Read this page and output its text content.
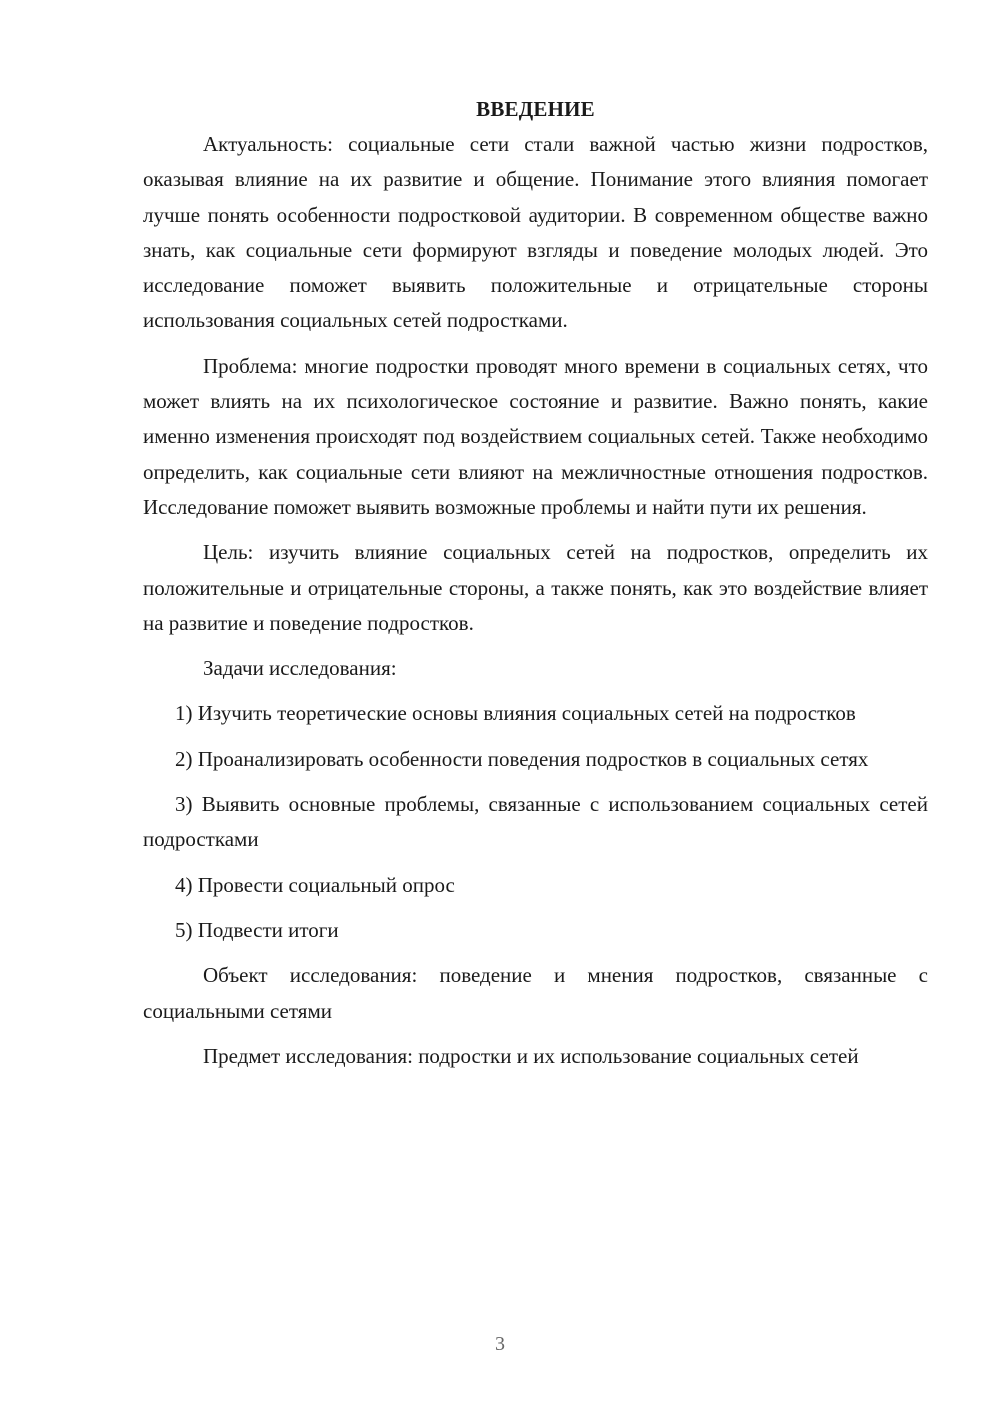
ВВЕДЕНИЕ

Актуальность: социальные сети стали важной частью жизни подростков, оказывая влияние на их развитие и общение. Понимание этого влияния помогает лучше понять особенности подростковой аудитории. В современном обществе важно знать, как социальные сети формируют взгляды и поведение молодых людей. Это исследование поможет выявить положительные и отрицательные стороны использования социальных сетей подростками.

Проблема: многие подростки проводят много времени в социальных сетях, что может влиять на их психологическое состояние и развитие. Важно понять, какие именно изменения происходят под воздействием социальных сетей. Также необходимо определить, как социальные сети влияют на межличностные отношения подростков. Исследование поможет выявить возможные проблемы и найти пути их решения.

Цель: изучить влияние социальных сетей на подростков, определить их положительные и отрицательные стороны, а также понять, как это воздействие влияет на развитие и поведение подростков.

Задачи исследования:

1) Изучить теоретические основы влияния социальных сетей на подростков

2) Проанализировать особенности поведения подростков в социальных сетях

3) Выявить основные проблемы, связанные с использованием социальных сетей подростками

4) Провести социальный опрос

5) Подвести итоги

Объект исследования: поведение и мнения подростков, связанные с социальными сетями

Предмет исследования: подростки и их использование социальных сетей

3
